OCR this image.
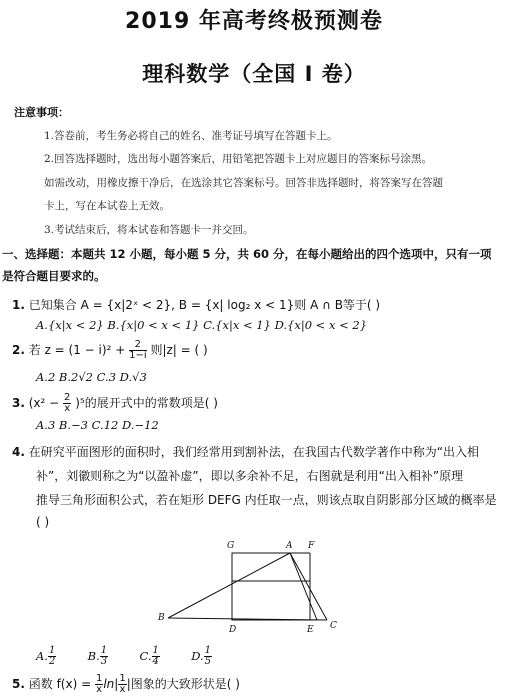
2019 年高考终极预测卷
理科数学（全国 I 卷）
注意事项：
1.答卷前，考生务必将自己的姓名、准考证号填写在答题卡上。
2.回答选择题时，选出每小题答案后，用铅笔把答题卡上对应题目的答案标号涂黑。
如需改动，用橡皮擦干净后，在选涂其它答案标号。回答非选择题时，将答案写在答题
卡上，写在本试卷上无效。
3.考试结束后，将本试卷和答题卡一并交回。
一、选择题：本题共 12 小题，每小题 5 分，共 60 分，在每小题给出的四个选项中，只有一项
是符合题目要求的。
1. 已知集合 A = {x|2ˣ < 2}, B = {x| log₂ x < 1}则 A ∩ B等于( )
A.{x|x < 2} B.{x|0 < x < 1} C.{x|x < 1} D.{x|0 < x < 2}
2. 若 $z = (1 - i)^2 + \frac{2}{1-i}$ 则|z| = ( )
A.2 B.2√2 C.3 D.√3
3. $(x^2 - \frac{2}{x} )^5$的展开式中的常数项是( )
A.3 B.−3 C.12 D.−12
4. 在研究平面图形的面积时，我们经常用到割补法，在我国古代数学著作中称为“出入相
补”，刘徽则称之为“以盈补虚”，即以多余补不足，右图就是利用“出入相补”原理
推导三角形面积公式，若在矩形 DEFG 内任取一点，则该点取自阴影部分区域的概率是
( )
G	A F
B
D	E C
A. $\frac{1}{2}$	B. $\frac{1}{3}$	C. $\frac{1}{4}$	D. $\frac{1}{5}$
5. 函数 $f(x) = \frac{1}{x} \ln| \frac{1}{x}$ |图象的大致形状是( )
